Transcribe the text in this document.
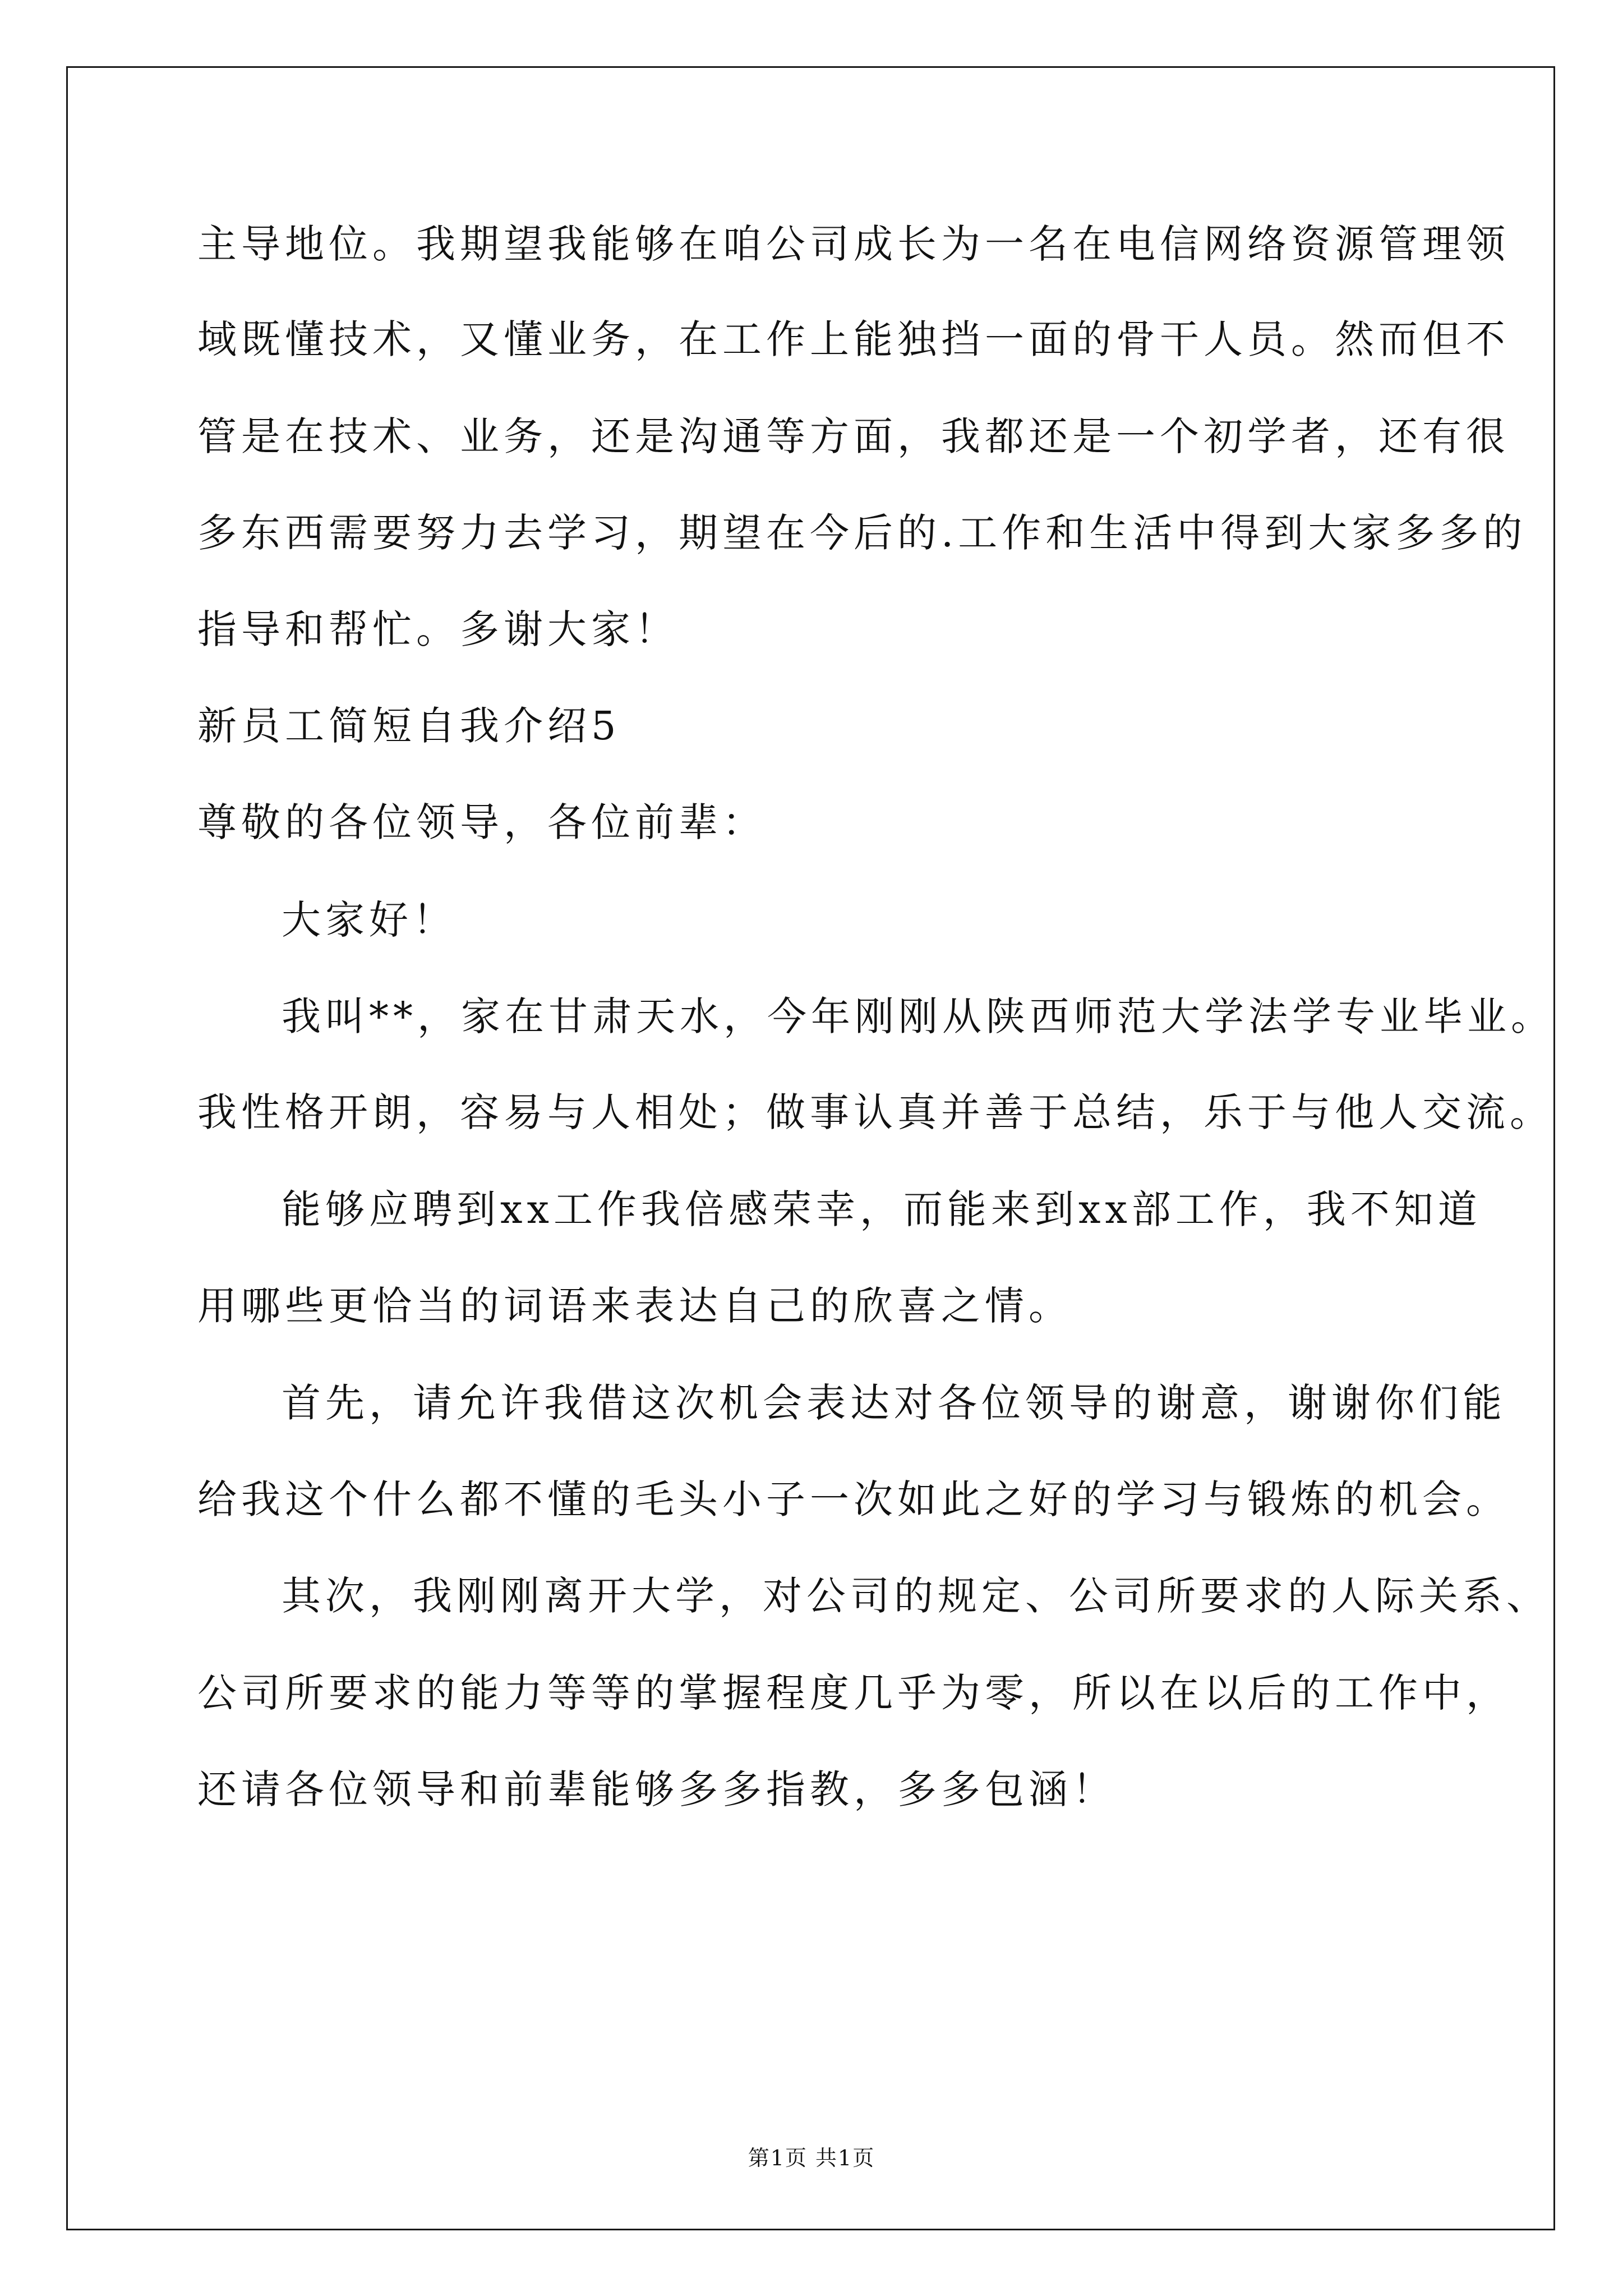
主导地位。我期望我能够在咱公司成长为一名在电信网络资源管理领
域既懂技术，又懂业务，在工作上能独挡一面的骨干人员。然而但不
管是在技术、业务，还是沟通等方面，我都还是一个初学者，还有很
多东西需要努力去学习，期望在今后的.工作和生活中得到大家多多的
指导和帮忙。多谢大家！
新员工简短自我介绍5
尊敬的各位领导，各位前辈：
大家好！
我叫**，家在甘肃天水，今年刚刚从陕西师范大学法学专业毕业。
我性格开朗，容易与人相处；做事认真并善于总结，乐于与他人交流。
能够应聘到xx工作我倍感荣幸，而能来到xx部工作，我不知道
用哪些更恰当的词语来表达自己的欣喜之情。
首先，请允许我借这次机会表达对各位领导的谢意，谢谢你们能
给我这个什么都不懂的毛头小子一次如此之好的学习与锻炼的机会。
其次，我刚刚离开大学，对公司的规定、公司所要求的人际关系、
公司所要求的能力等等的掌握程度几乎为零，所以在以后的工作中，
还请各位领导和前辈能够多多指教，多多包涵！
第1页 共1页
